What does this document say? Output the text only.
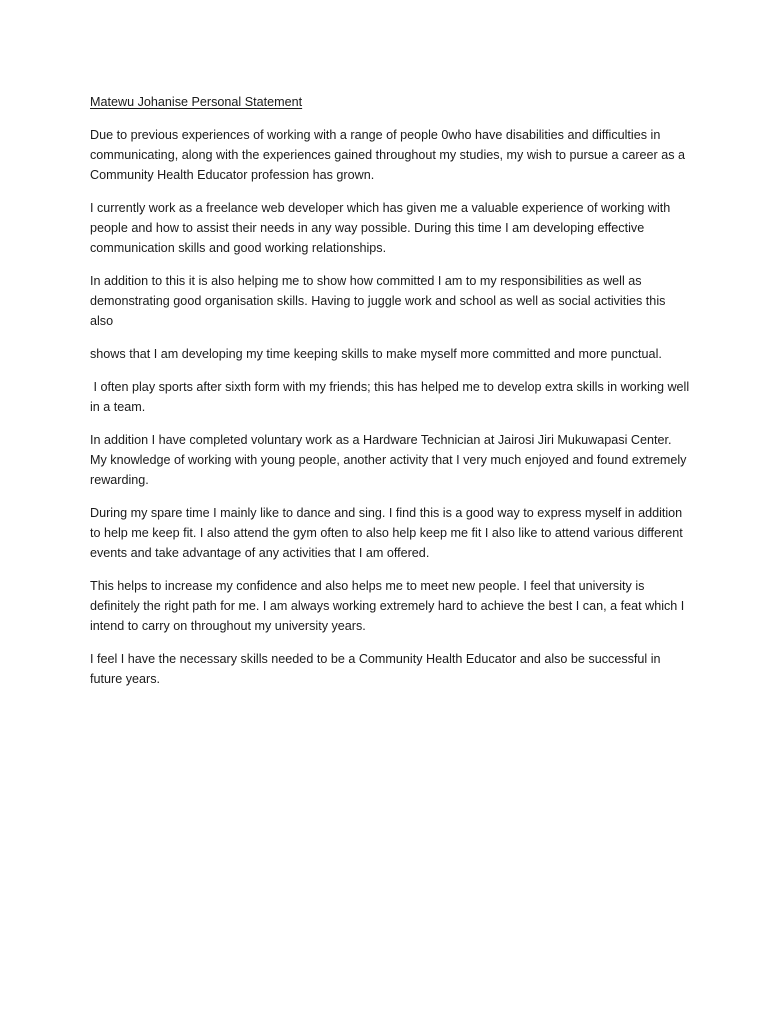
Matewu Johanise Personal Statement

Due to previous experiences of working with a range of people 0who have disabilities and difficulties in communicating, along with the experiences gained throughout my studies, my wish to pursue a career as a Community Health Educator profession has grown.

I currently work as a freelance web developer which has given me a valuable experience of working with people and how to assist their needs in any way possible. During this time I am developing effective communication skills and good working relationships.

In addition to this it is also helping me to show how committed I am to my responsibilities as well as demonstrating good organisation skills. Having to juggle work and school as well as social activities this also

shows that I am developing my time keeping skills to make myself more committed and more punctual.

I often play sports after sixth form with my friends; this has helped me to develop extra skills in working well in a team.

In addition I have completed voluntary work as a Hardware Technician at Jairosi Jiri Mukuwapasi Center. My knowledge of working with young people, another activity that I very much enjoyed and found extremely rewarding.

During my spare time I mainly like to dance and sing. I find this is a good way to express myself in addition to help me keep fit. I also attend the gym often to also help keep me fit I also like to attend various different events and take advantage of any activities that I am offered.

This helps to increase my confidence and also helps me to meet new people. I feel that university is definitely the right path for me. I am always working extremely hard to achieve the best I can, a feat which I intend to carry on throughout my university years.

I feel I have the necessary skills needed to be a Community Health Educator and also be successful in future years.
